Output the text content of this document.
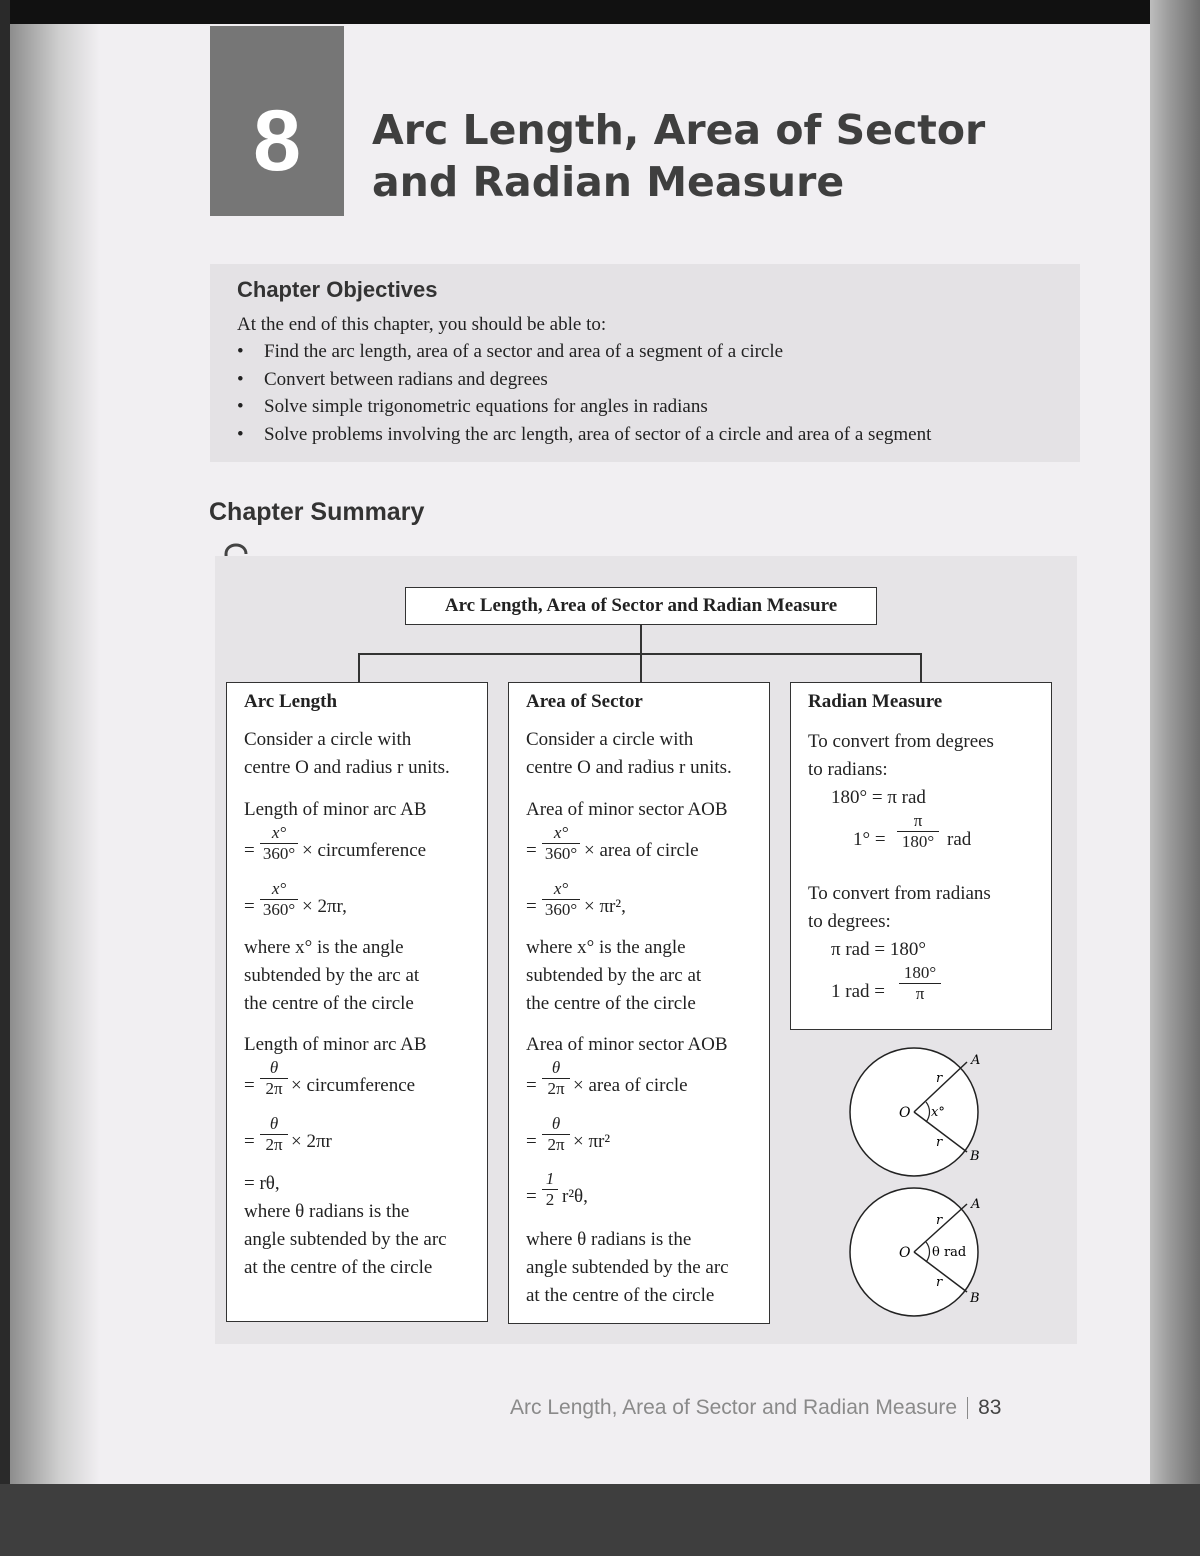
8	Arc Length, Area of Sector
and Radian Measure
Chapter Objectives
At the end of this chapter, you should be able to:
• Find the arc length, area of a sector and area of a segment of a circle
• Convert between radians and degrees
• Solve simple trigonometric equations for angles in radians
• Solve problems involving the arc length, area of sector of a circle and area of a segment
Chapter Summary
Arc Length, Area of Sector and Radian Measure
Arc Length
Consider a circle with
centre O and radius r units.
Length of minor arc AB
= $\frac{x^\circ}{360^\circ}$ × circumference
= $\frac{x^\circ}{360^\circ} \times 2\pi r$,
where x° is the angle
subtended by the arc at
the centre of the circle
Length of minor arc AB
= $\frac{\theta}{2\pi}$ × circumference
= $\frac{\theta}{2\pi} \times 2\pi r$
= rθ,
where θ radians is the
angle subtended by the arc
at the centre of the circle
Area of Sector
Consider a circle with
centre O and radius r units.
Area of minor sector AOB
= $\frac{x^\circ}{360^\circ}$ × area of circle
= $\frac{x^\circ}{360^\circ} \times \pi r^2$,
where x° is the angle
subtended by the arc at
the centre of the circle
Area of minor sector AOB
= $\frac{\theta}{2\pi}$ × area of circle
= $\frac{\theta}{2\pi} \times \pi r^2$
= $\frac{1}{2} r^2\theta$,
where θ radians is the
angle subtended by the arc
at the centre of the circle
Radian Measure
To convert from degrees
to radians:
180° = π rad
$1^\circ = \frac{\pi}{180^\circ}$ rad
To convert from radians
to degrees:
π rad = 180°
1 rad = $\frac{180^\circ}{\pi}$
O
A
B
r
r
x°
O
A
B
r
r
θ rad
Arc Length, Area of Sector and Radian Measure 83
